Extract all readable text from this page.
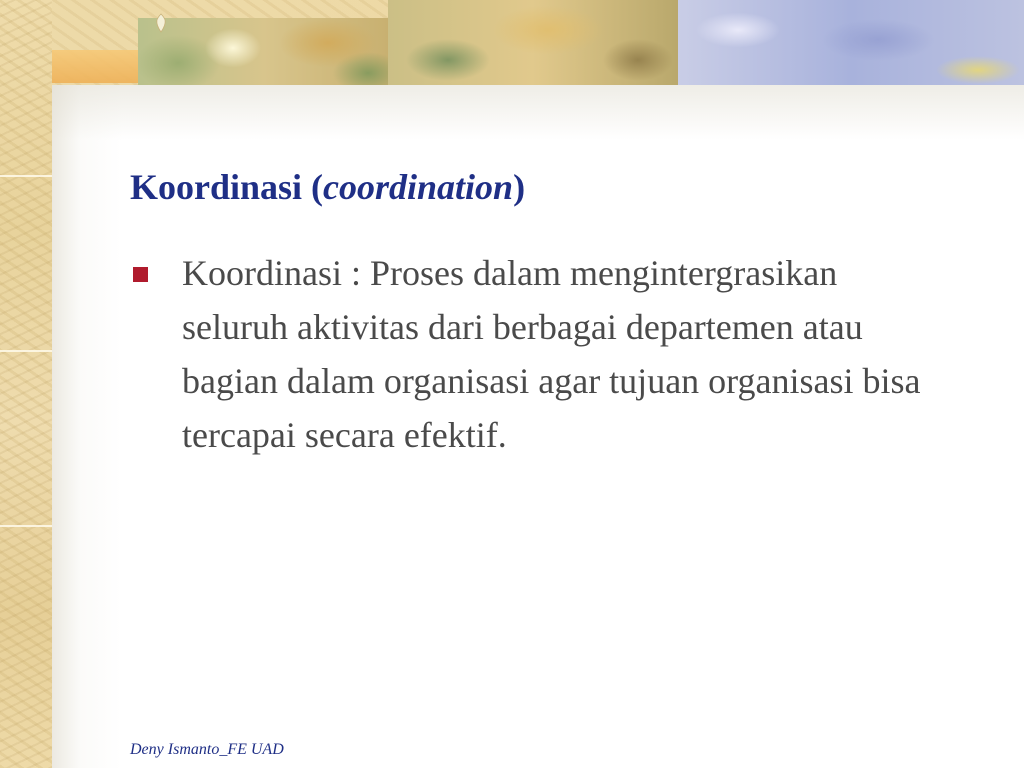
Koordinasi (coordination)
Koordinasi : Proses dalam mengintergrasikan seluruh aktivitas dari berbagai departemen atau bagian dalam organisasi agar tujuan organisasi bisa tercapai secara efektif.
Deny Ismanto_FE UAD
